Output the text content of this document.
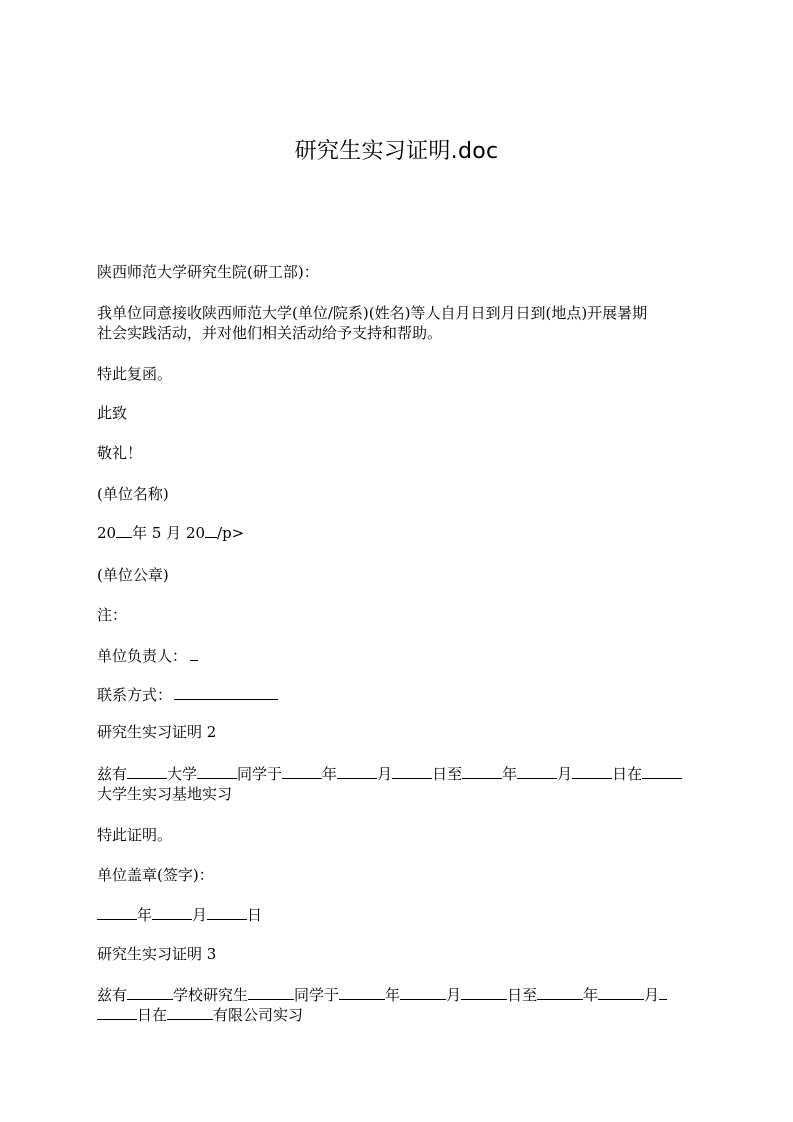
研究生实习证明.doc
陕西师范大学研究生院(研工部)：
我单位同意接收陕西师范大学(单位/院系)(姓名)等人自月日到月日到(地点)开展暑期
社会实践活动，并对他们相关活动给予支持和帮助。
特此复函。
此致
敬礼！
(单位名称)
20 年 5 月 20 /p>
(单位公章)
注：
单位负责人：
联系方式：
研究生实习证明 2
兹有	大学	同学于	年	月	日至	年	月	日在
大学生实习基地实习
特此证明。
单位盖章(签字)：
年	月	日
研究生实习证明 3
兹有	学校研究生	同学于	年	月	日至	年	月
日在	有限公司实习
